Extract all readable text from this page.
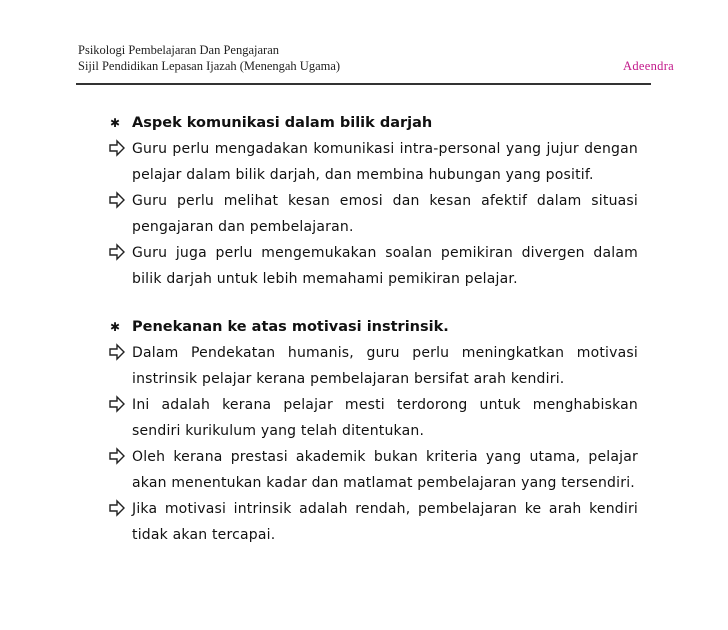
Psikologi Pembelajaran Dan Pengajaran
Sijil Pendidikan Lepasan Ijazah (Menengah Ugama)	Adeendra
✱ Aspek komunikasi dalam bilik darjah
Guru perlu mengadakan komunikasi intra-personal yang jujur dengan pelajar dalam bilik darjah, dan membina hubungan yang positif.
Guru perlu melihat kesan emosi dan kesan afektif dalam situasi pengajaran dan pembelajaran.
Guru juga perlu mengemukakan soalan pemikiran divergen dalam bilik darjah untuk lebih memahami pemikiran pelajar.
✱ Penekanan ke atas motivasi instrinsik.
Dalam Pendekatan humanis, guru perlu meningkatkan motivasi instrinsik pelajar kerana pembelajaran bersifat arah kendiri.
Ini adalah kerana pelajar mesti terdorong untuk menghabiskan sendiri kurikulum yang telah ditentukan.
Oleh kerana prestasi akademik bukan kriteria yang utama, pelajar akan menentukan kadar dan matlamat pembelajaran yang tersendiri.
Jika motivasi intrinsik adalah rendah, pembelajaran ke arah kendiri tidak akan tercapai.
